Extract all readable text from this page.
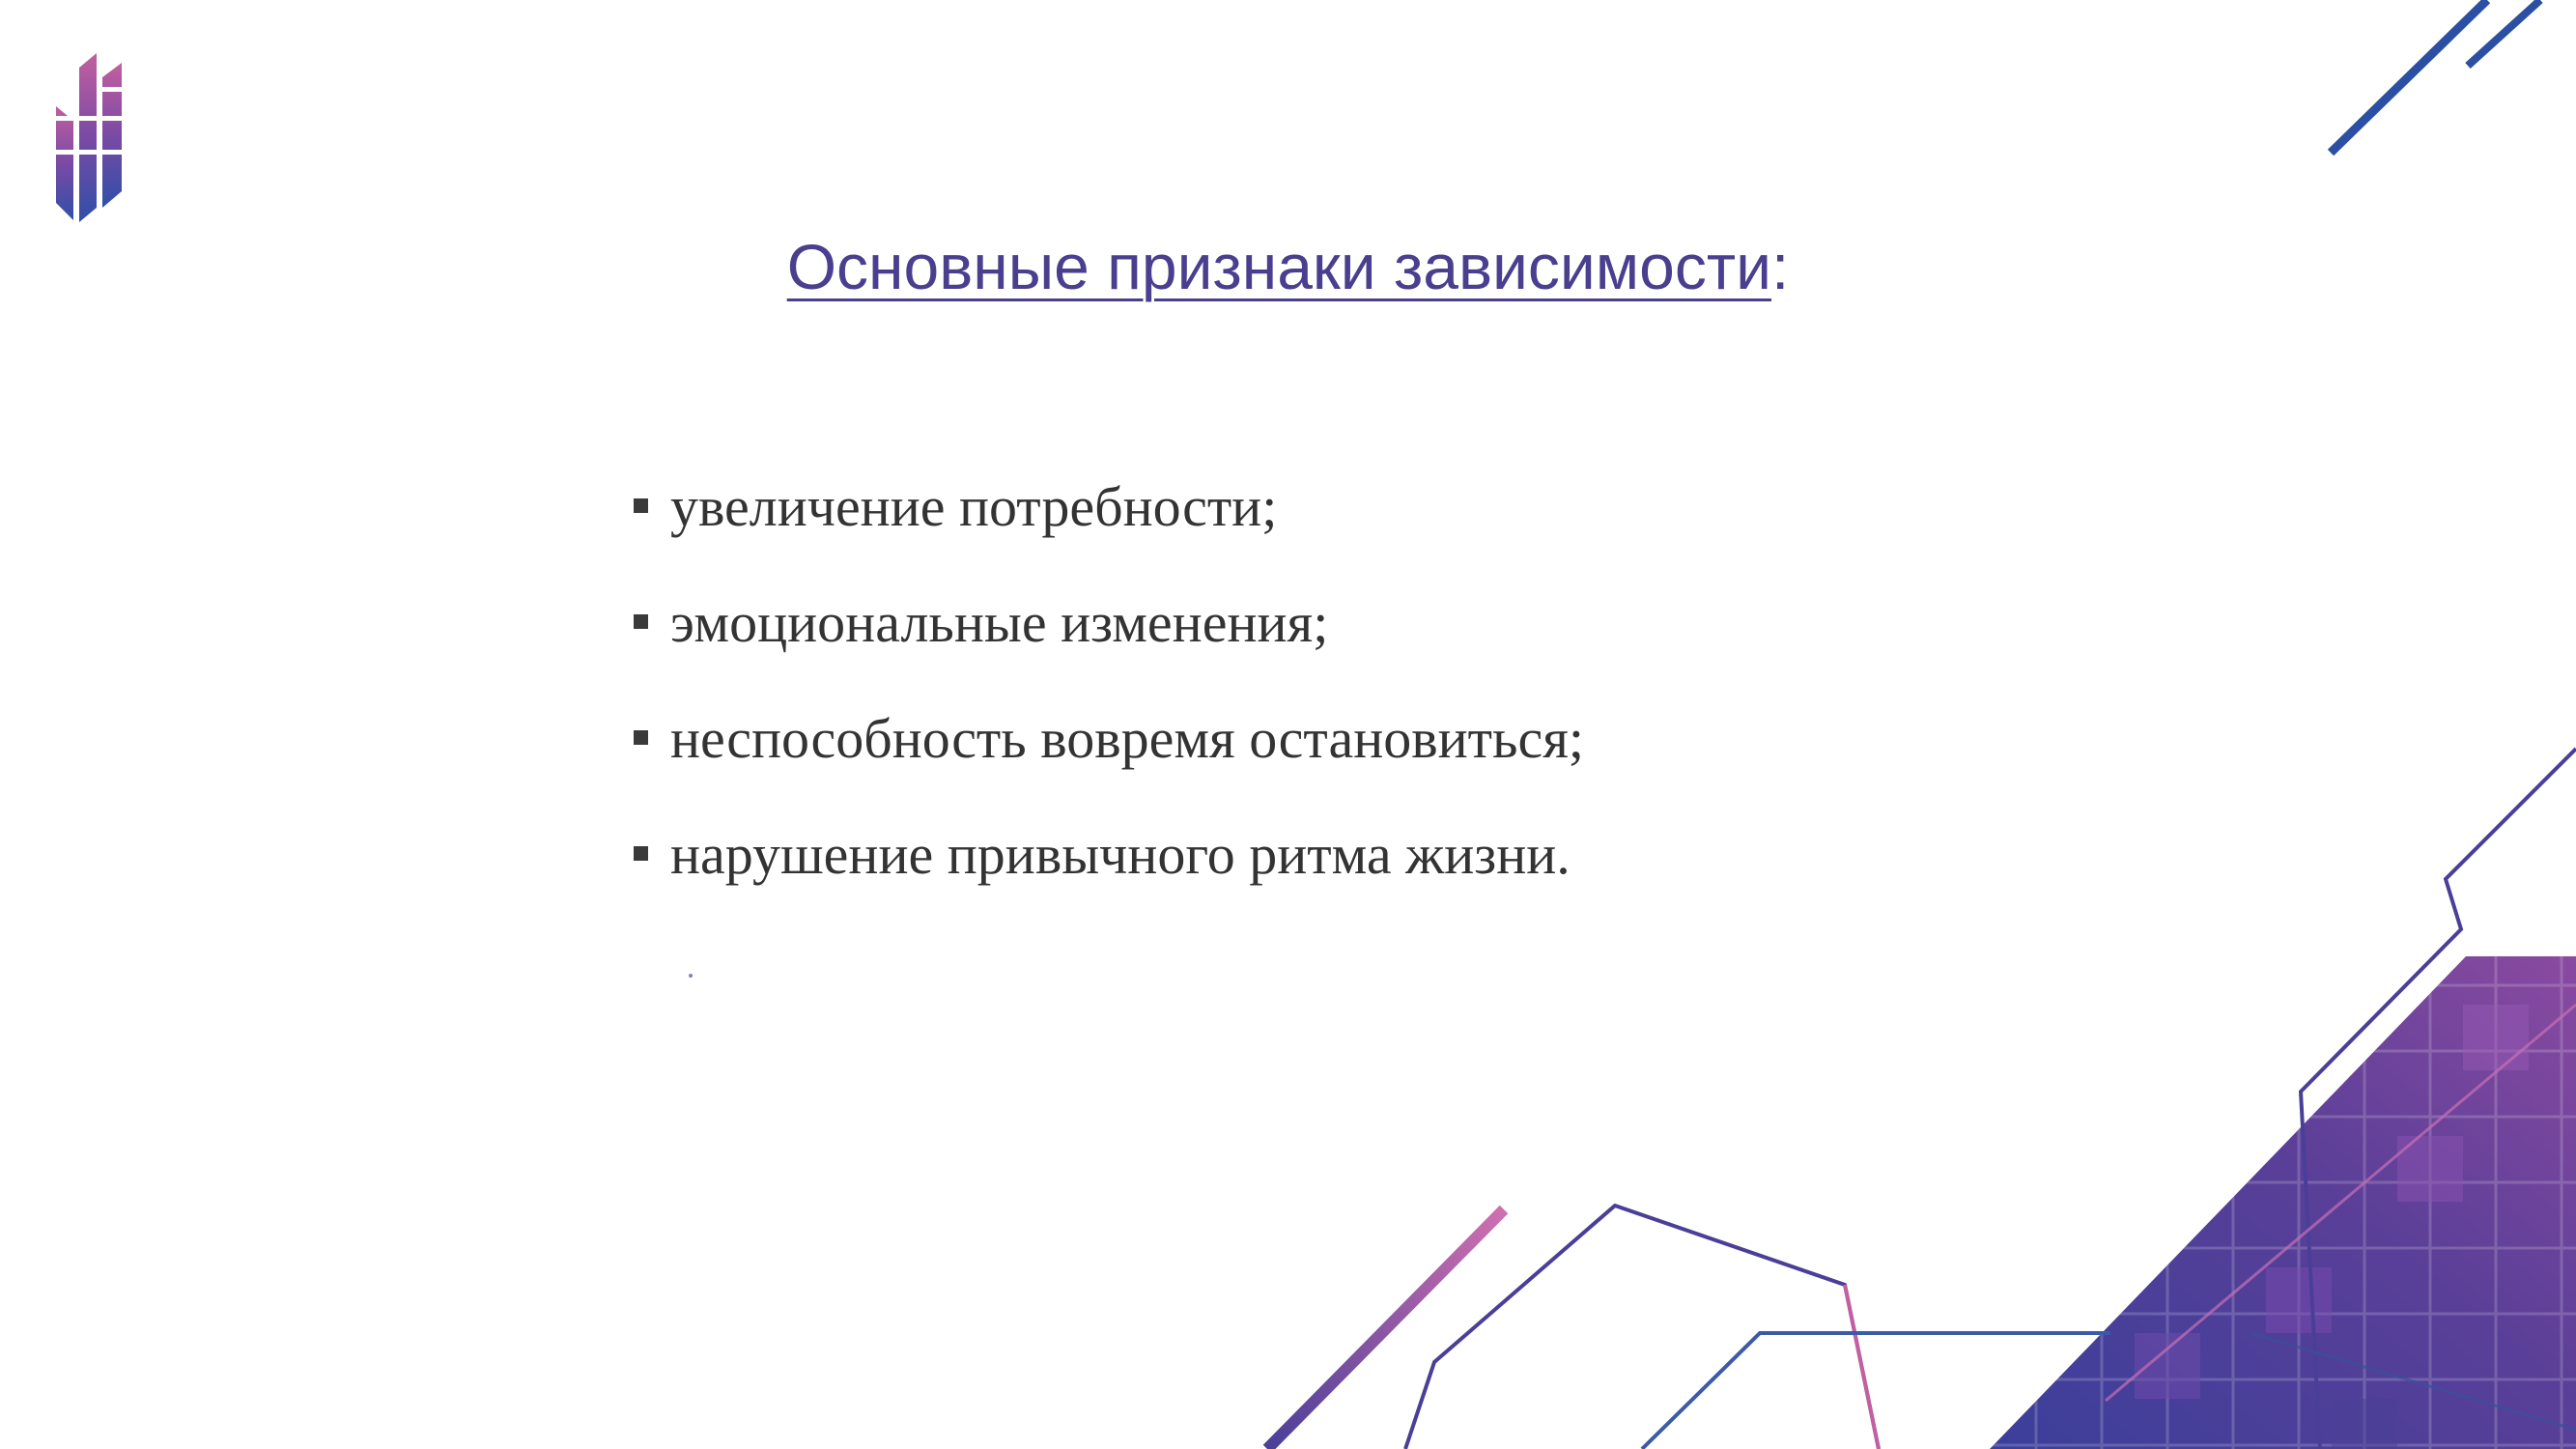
Основные признаки зависимости:
увеличение потребности;
эмоциональные изменения;
неспособность вовремя остановиться;
нарушение привычного ритма жизни.
